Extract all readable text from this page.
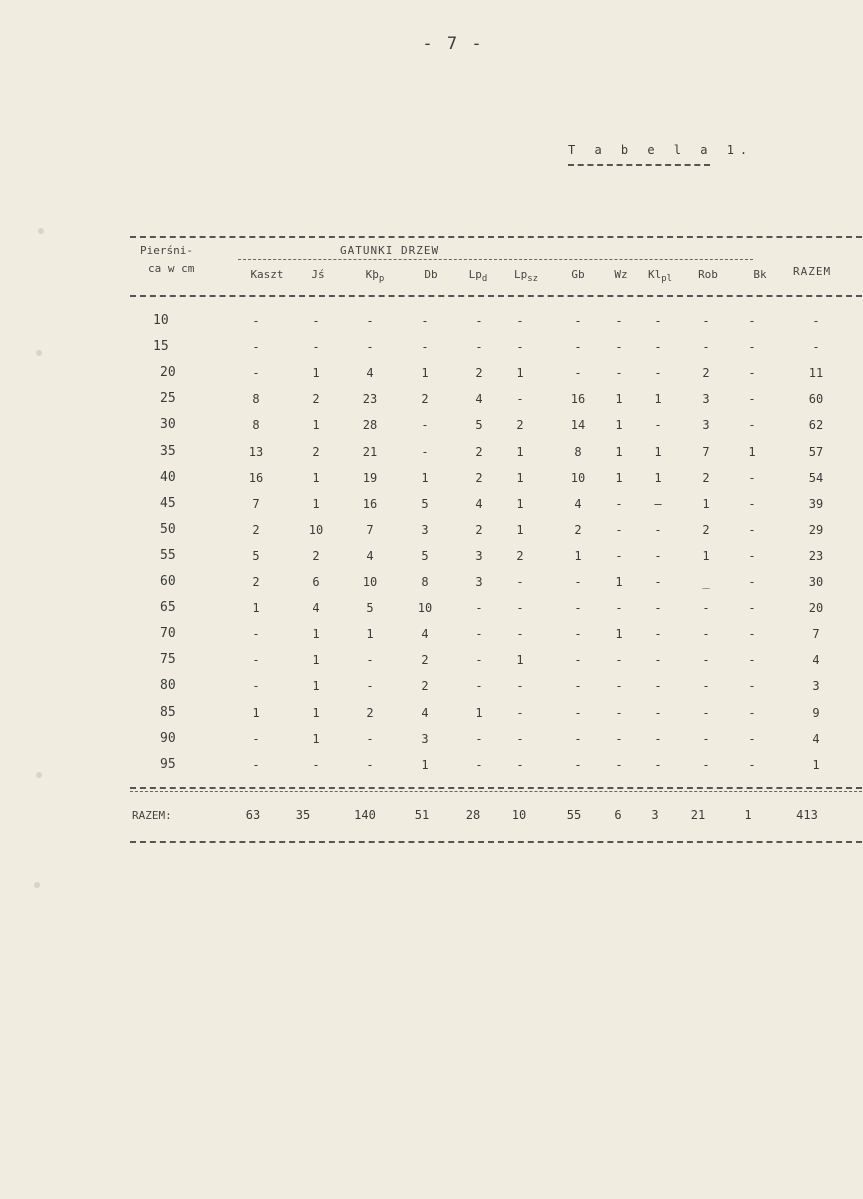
- 7 -
T a b e l a 1.
Pierśni-
ca w cm
GATUNKI DRZEW
RAZEM
Kaszt	Jś	$Kþ_p$	Db	$Lp_d$	$Lp_{sz}$	Gb	Wz	$Kl_{pl}$	Rob	Bk
10	-	-	-	-	-	-	-	-	-	-	-	-
15	-	-	-	-	-	-	-	-	-	-	-	-
20	-	1	4	1	2	1	-	-	-	2	-	11
25	8	2	23	2	4	-	16	1	1	3	-	60
30	8	1	28	-	5	2	14	1	-	3	-	62
35	13	2	21	-	2	1	8	1	1	7	1	57
40	16	1	19	1	2	1	10	1	1	2	-	54
45	7	1	16	5	4	1	4	-	—	1	-	39
50	2	10	7	3	2	1	2	-	-	2	-	29
55	5	2	4	5	3	2	1	-	-	1	-	23
60	2	6	10	8	3	-	-	1	-	_	-	30
65	1	4	5	10	-	-	-	-	-	-	-	20
70	-	1	1	4	-	-	-	1	-	-	-	7
75	-	1	-	2	-	1	-	-	-	-	-	4
80	-	1	-	2	-	-	-	-	-	-	-	3
85	1	1	2	4	1	-	-	-	-	-	-	9
90	-	1	-	3	-	-	-	-	-	-	-	4
95	-	-	-	1	-	-	-	-	-	-	-	1
RAZEM:	63	35	140	51	28	10	55	6	3	21	1	413
